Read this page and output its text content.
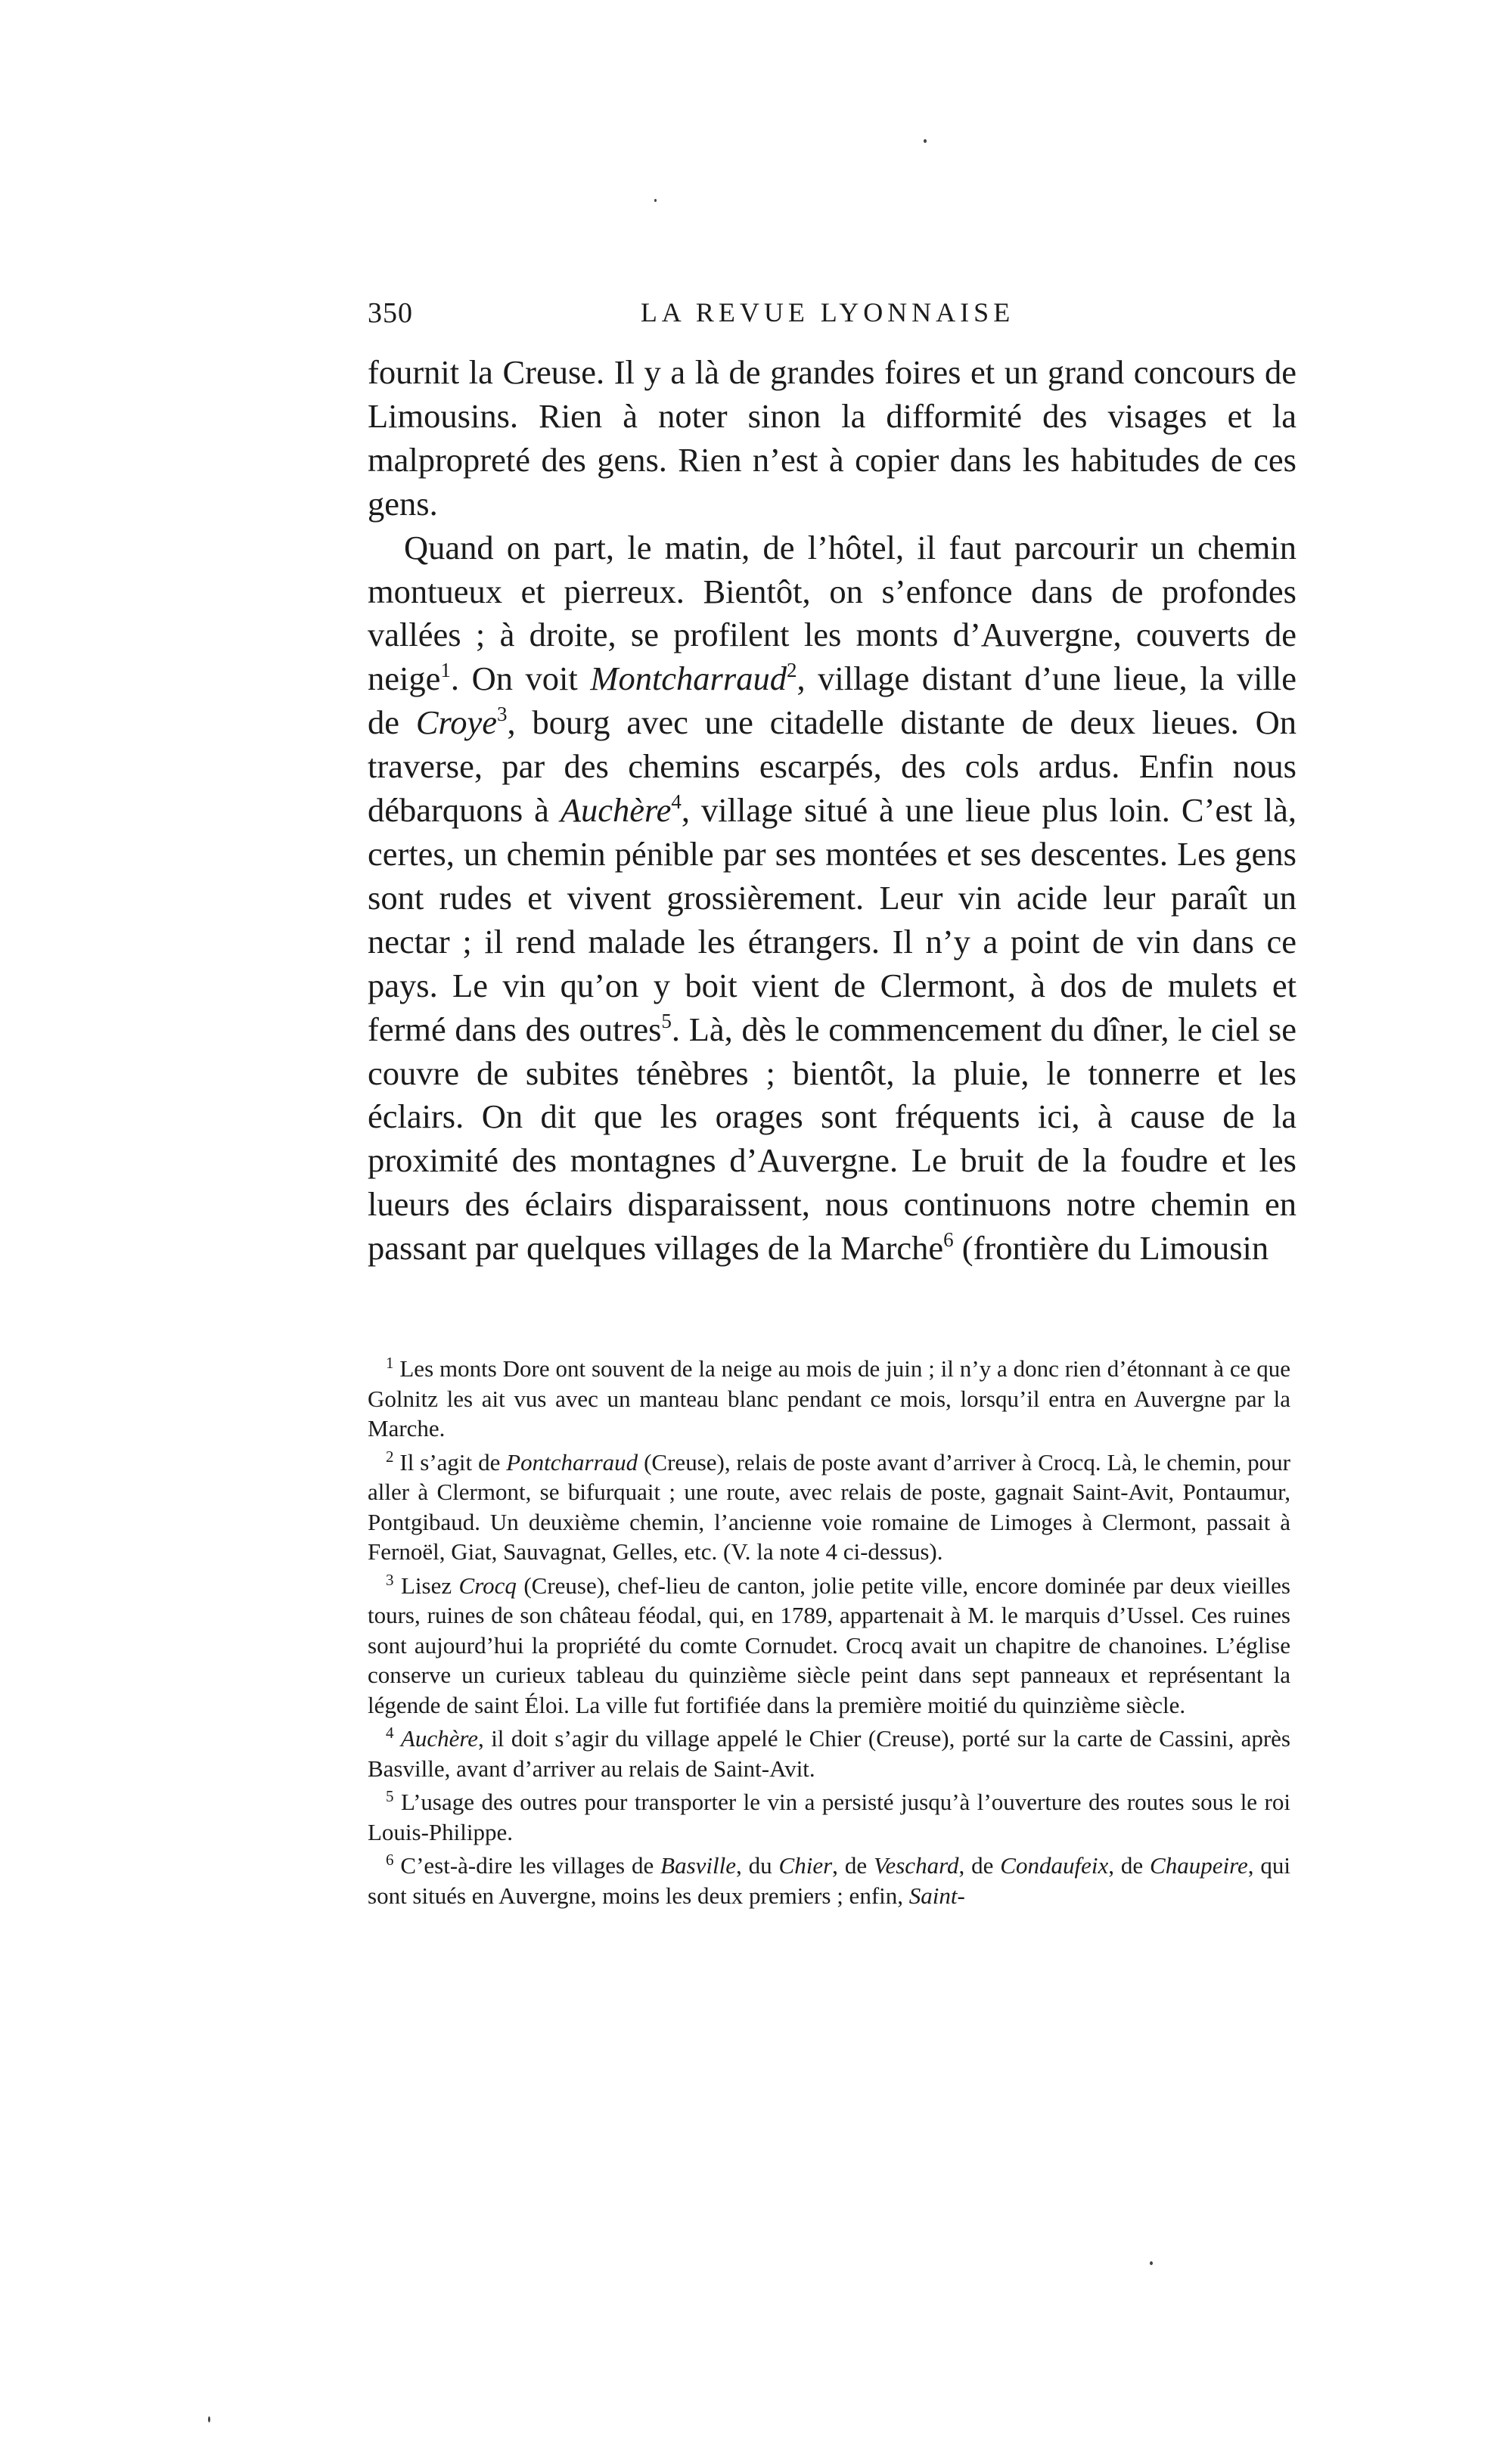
350	LA REVUE LYONNAISE

fournit la Creuse. Il y a là de grandes foires et un grand concours de Limousins. Rien à noter sinon la difformité des visages et la malpropreté des gens. Rien n’est à copier dans les habitudes de ces gens.

Quand on part, le matin, de l’hôtel, il faut parcourir un chemin montueux et pierreux. Bientôt, on s’enfonce dans de profondes vallées ; à droite, se profilent les monts d’Auvergne, couverts de neige$^1$. On voit Montcharraud$^2$, village distant d’une lieue, la ville de Croye$^3$, bourg avec une citadelle distante de deux lieues. On traverse, par des chemins escarpés, des cols ardus. Enfin nous débarquons à Auchère$^4$, village situé à une lieue plus loin. C’est là, certes, un chemin pénible par ses montées et ses descentes. Les gens sont rudes et vivent grossièrement. Leur vin acide leur paraît un nectar ; il rend malade les étrangers. Il n’y a point de vin dans ce pays. Le vin qu’on y boit vient de Clermont, à dos de mulets et fermé dans des outres$^5$. Là, dès le commencement du dîner, le ciel se couvre de subites ténèbres ; bientôt, la pluie, le tonnerre et les éclairs. On dit que les orages sont fréquents ici, à cause de la proximité des montagnes d’Auvergne. Le bruit de la foudre et les lueurs des éclairs disparaissent, nous continuons notre chemin en passant par quelques villages de la Marche$^6$ (frontière du Limousin

$^1$ Les monts Dore ont souvent de la neige au mois de juin ; il n’y a donc rien d’étonnant à ce que Golnitz les ait vus avec un manteau blanc pendant ce mois, lorsqu’il entra en Auvergne par la Marche.

$^2$ Il s’agit de Pontcharraud (Creuse), relais de poste avant d’arriver à Crocq. Là, le chemin, pour aller à Clermont, se bifurquait ; une route, avec relais de poste, gagnait Saint-Avit, Pontaumur, Pontgibaud. Un deuxième chemin, l’ancienne voie romaine de Limoges à Clermont, passait à Fernoël, Giat, Sauvagnat, Gelles, etc. (V. la note 4 ci-dessus).

$^3$ Lisez Crocq (Creuse), chef-lieu de canton, jolie petite ville, encore dominée par deux vieilles tours, ruines de son château féodal, qui, en 1789, appartenait à M. le marquis d’Ussel. Ces ruines sont aujourd’hui la propriété du comte Cornudet. Crocq avait un chapitre de chanoines. L’église conserve un curieux tableau du quinzième siècle peint dans sept panneaux et représentant la légende de saint Éloi. La ville fut fortifiée dans la première moitié du quinzième siècle.

$^4$ Auchère, il doit s’agir du village appelé le Chier (Creuse), porté sur la carte de Cassini, après Basville, avant d’arriver au relais de Saint-Avit.

$^5$ L’usage des outres pour transporter le vin a persisté jusqu’à l’ouverture des routes sous le roi Louis-Philippe.

$^6$ C’est-à-dire les villages de Basville, du Chier, de Veschard, de Condaufeix, de Chaupeire, qui sont situés en Auvergne, moins les deux premiers ; enfin, Saint-
